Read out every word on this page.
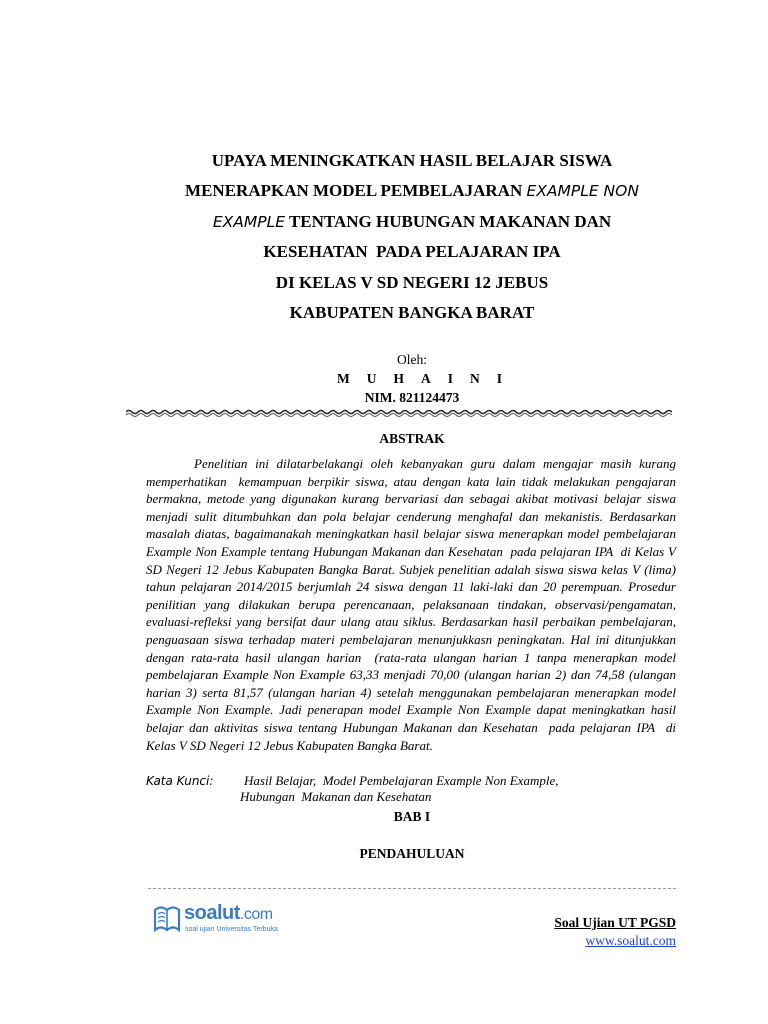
UPAYA MENINGKATKAN HASIL BELAJAR SISWA
MENERAPKAN MODEL PEMBELAJARAN EXAMPLE NON
EXAMPLE TENTANG HUBUNGAN MAKANAN DAN
KESEHATAN  PADA PELAJARAN IPA
DI KELAS V SD NEGERI 12 JEBUS
KABUPATEN BANGKA BARAT
Oleh:
MUHAINI
NIM. 821124473
ABSTRAK

Penelitian ini dilatarbelakangi oleh kebanyakan guru dalam mengajar masih kurang memperhatikan  kemampuan berpikir siswa, atau dengan kata lain tidak melakukan pengajaran bermakna, metode yang digunakan kurang bervariasi dan sebagai akibat motivasi belajar siswa menjadi sulit ditumbuhkan dan pola belajar cenderung menghafal dan mekanistis. Berdasarkan masalah diatas, bagaimanakah meningkatkan hasil belajar siswa menerapkan model pembelajaran Example Non Example tentang Hubungan Makanan dan Kesehatan  pada pelajaran IPA  di Kelas V SD Negeri 12 Jebus Kabupaten Bangka Barat. Subjek penelitian adalah siswa siswa kelas V (lima) tahun pelajaran 2014/2015 berjumlah 24 siswa dengan 11 laki-laki dan 20 perempuan. Prosedur penilitian yang dilakukan berupa perencanaan, pelaksanaan tindakan, observasi/pengamatan, evaluasi-refleksi yang bersifat daur ulang atau siklus. Berdasarkan hasil perbaikan pembelajaran, penguasaan siswa terhadap materi pembelajaran menunjukkasn peningkatan. Hal ini ditunjukkan dengan rata-rata hasil ulangan harian  (rata-rata ulangan harian 1 tanpa menerapkan model pembelajaran Example Non Example 63,33 menjadi 70,00 (ulangan harian 2) dan 74,58 (ulangan harian 3) serta 81,57 (ulangan harian 4) setelah menggunakan pembelajaran menerapkan model Example Non Example. Jadi penerapan model Example Non Example dapat meningkatkan hasil belajar dan aktivitas siswa tentang Hubungan Makanan dan Kesehatan  pada pelajaran IPA  di Kelas V SD Negeri 12 Jebus Kabupaten Bangka Barat.

Kata Kunci: Hasil Belajar,  Model Pembelajaran Example Non Example,
Hubungan  Makanan dan Kesehatan
BAB I
PENDAHULUAN
soalut.com
soal ujian Universitas Terbuka	Soal Ujian UT PGSD
www.soalut.com
